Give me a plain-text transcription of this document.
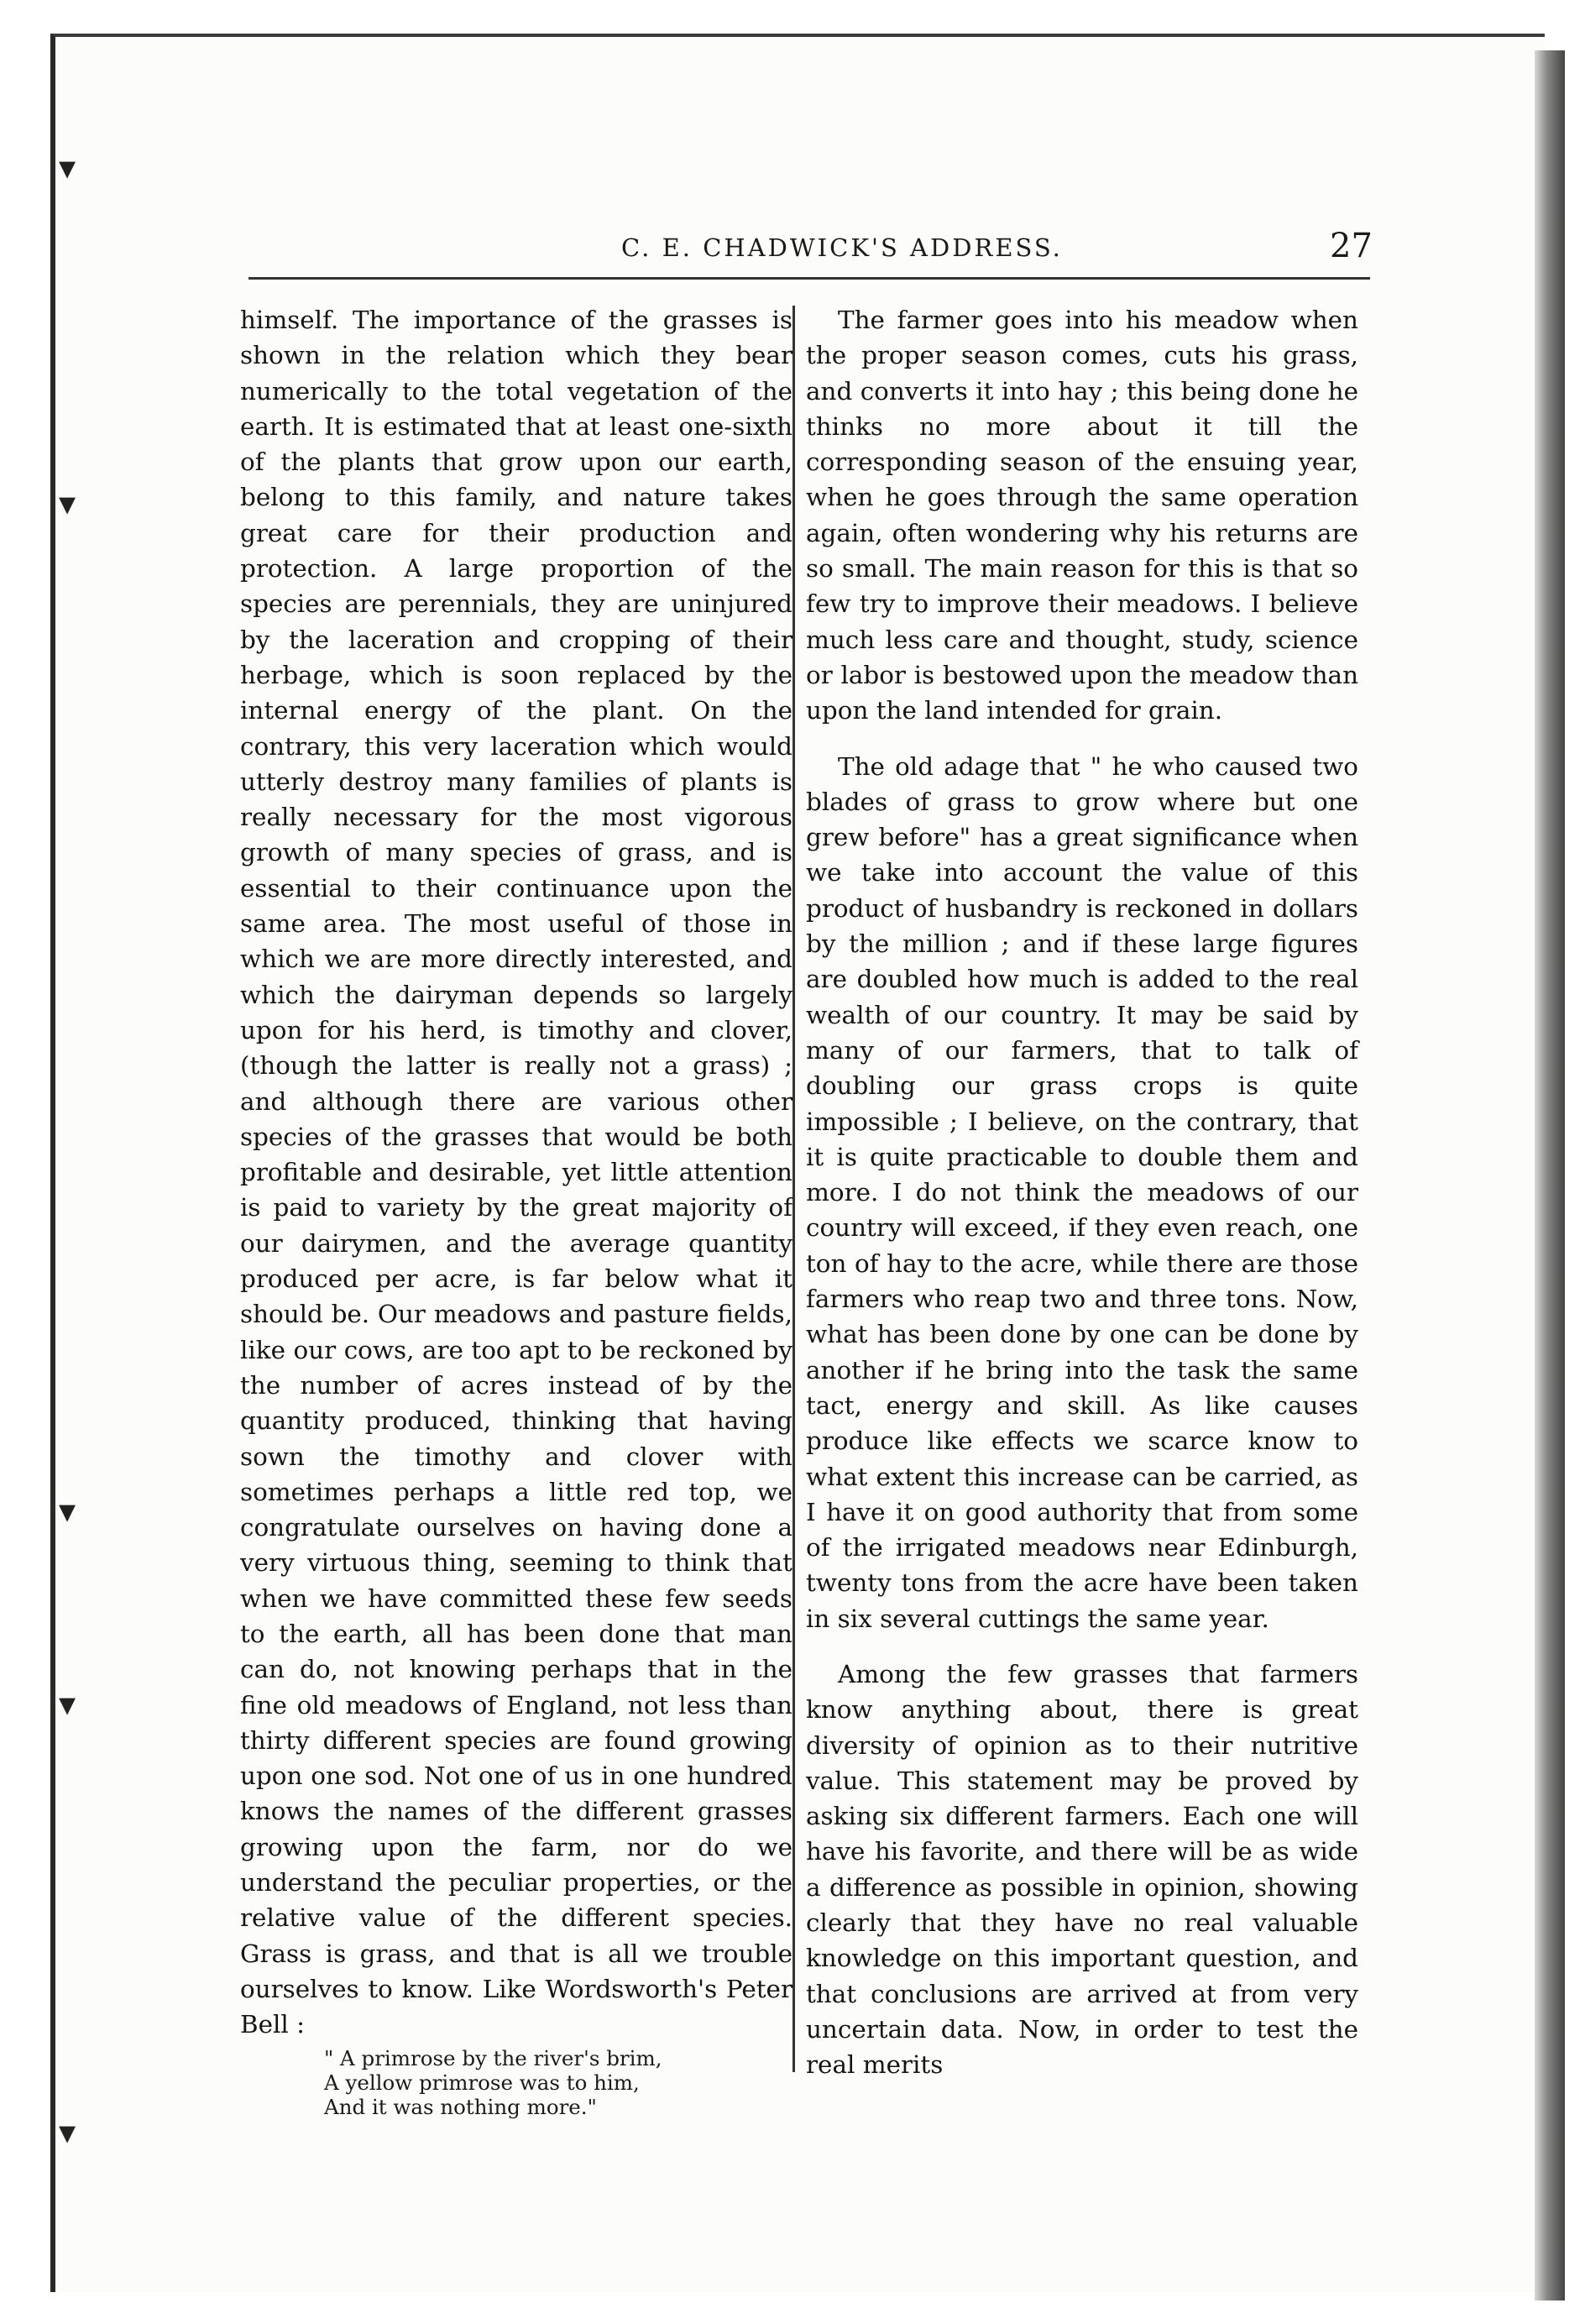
▾
▾
▾
▾
▾
C. E. CHADWICK'S ADDRESS.	27

himself. The importance of the grasses is shown in the relation which they bear numerically to the total vegetation of the earth. It is estimated that at least one-sixth of the plants that grow upon our earth, belong to this family, and nature takes great care for their production and protection. A large proportion of the species are perennials, they are uninjured by the laceration and cropping of their herbage, which is soon replaced by the internal energy of the plant. On the contrary, this very laceration which would utterly destroy many families of plants is really necessary for the most vigorous growth of many species of grass, and is essential to their continuance upon the same area. The most useful of those in which we are more directly interested, and which the dairyman depends so largely upon for his herd, is timothy and clover, (though the latter is really not a grass) ; and although there are various other species of the grasses that would be both profitable and desirable, yet little attention is paid to variety by the great majority of our dairymen, and the average quantity produced per acre, is far below what it should be. Our meadows and pasture fields, like our cows, are too apt to be reckoned by the number of acres instead of by the quantity produced, thinking that having sown the timothy and clover with sometimes perhaps a little red top, we congratulate ourselves on having done a very virtuous thing, seeming to think that when we have committed these few seeds to the earth, all has been done that man can do, not knowing perhaps that in the fine old meadows of England, not less than thirty different species are found growing upon one sod. Not one of us in one hundred knows the names of the different grasses growing upon the farm, nor do we understand the peculiar properties, or the relative value of the different species. Grass is grass, and that is all we trouble ourselves to know. Like Wordsworth's Peter Bell :

" A primrose by the river's brim,
A yellow primrose was to him,
And it was nothing more."

The farmer goes into his meadow when the proper season comes, cuts his grass, and converts it into hay ; this being done he thinks no more about it till the corresponding season of the ensuing year, when he goes through the same operation again, often wondering why his returns are so small. The main reason for this is that so few try to improve their meadows. I believe much less care and thought, study, science or labor is bestowed upon the meadow than upon the land intended for grain.

The old adage that " he who caused two blades of grass to grow where but one grew before" has a great significance when we take into account the value of this product of husbandry is reckoned in dollars by the million ; and if these large figures are doubled how much is added to the real wealth of our country. It may be said by many of our farmers, that to talk of doubling our grass crops is quite impossible ; I believe, on the contrary, that it is quite practicable to double them and more. I do not think the meadows of our country will exceed, if they even reach, one ton of hay to the acre, while there are those farmers who reap two and three tons. Now, what has been done by one can be done by another if he bring into the task the same tact, energy and skill. As like causes produce like effects we scarce know to what extent this increase can be carried, as I have it on good authority that from some of the irrigated meadows near Edinburgh, twenty tons from the acre have been taken in six several cuttings the same year.

Among the few grasses that farmers know anything about, there is great diversity of opinion as to their nutritive value. This statement may be proved by asking six different farmers. Each one will have his favorite, and there will be as wide a difference as possible in opinion, showing clearly that they have no real valuable knowledge on this important question, and that conclusions are arrived at from very uncertain data. Now, in order to test the real merits
